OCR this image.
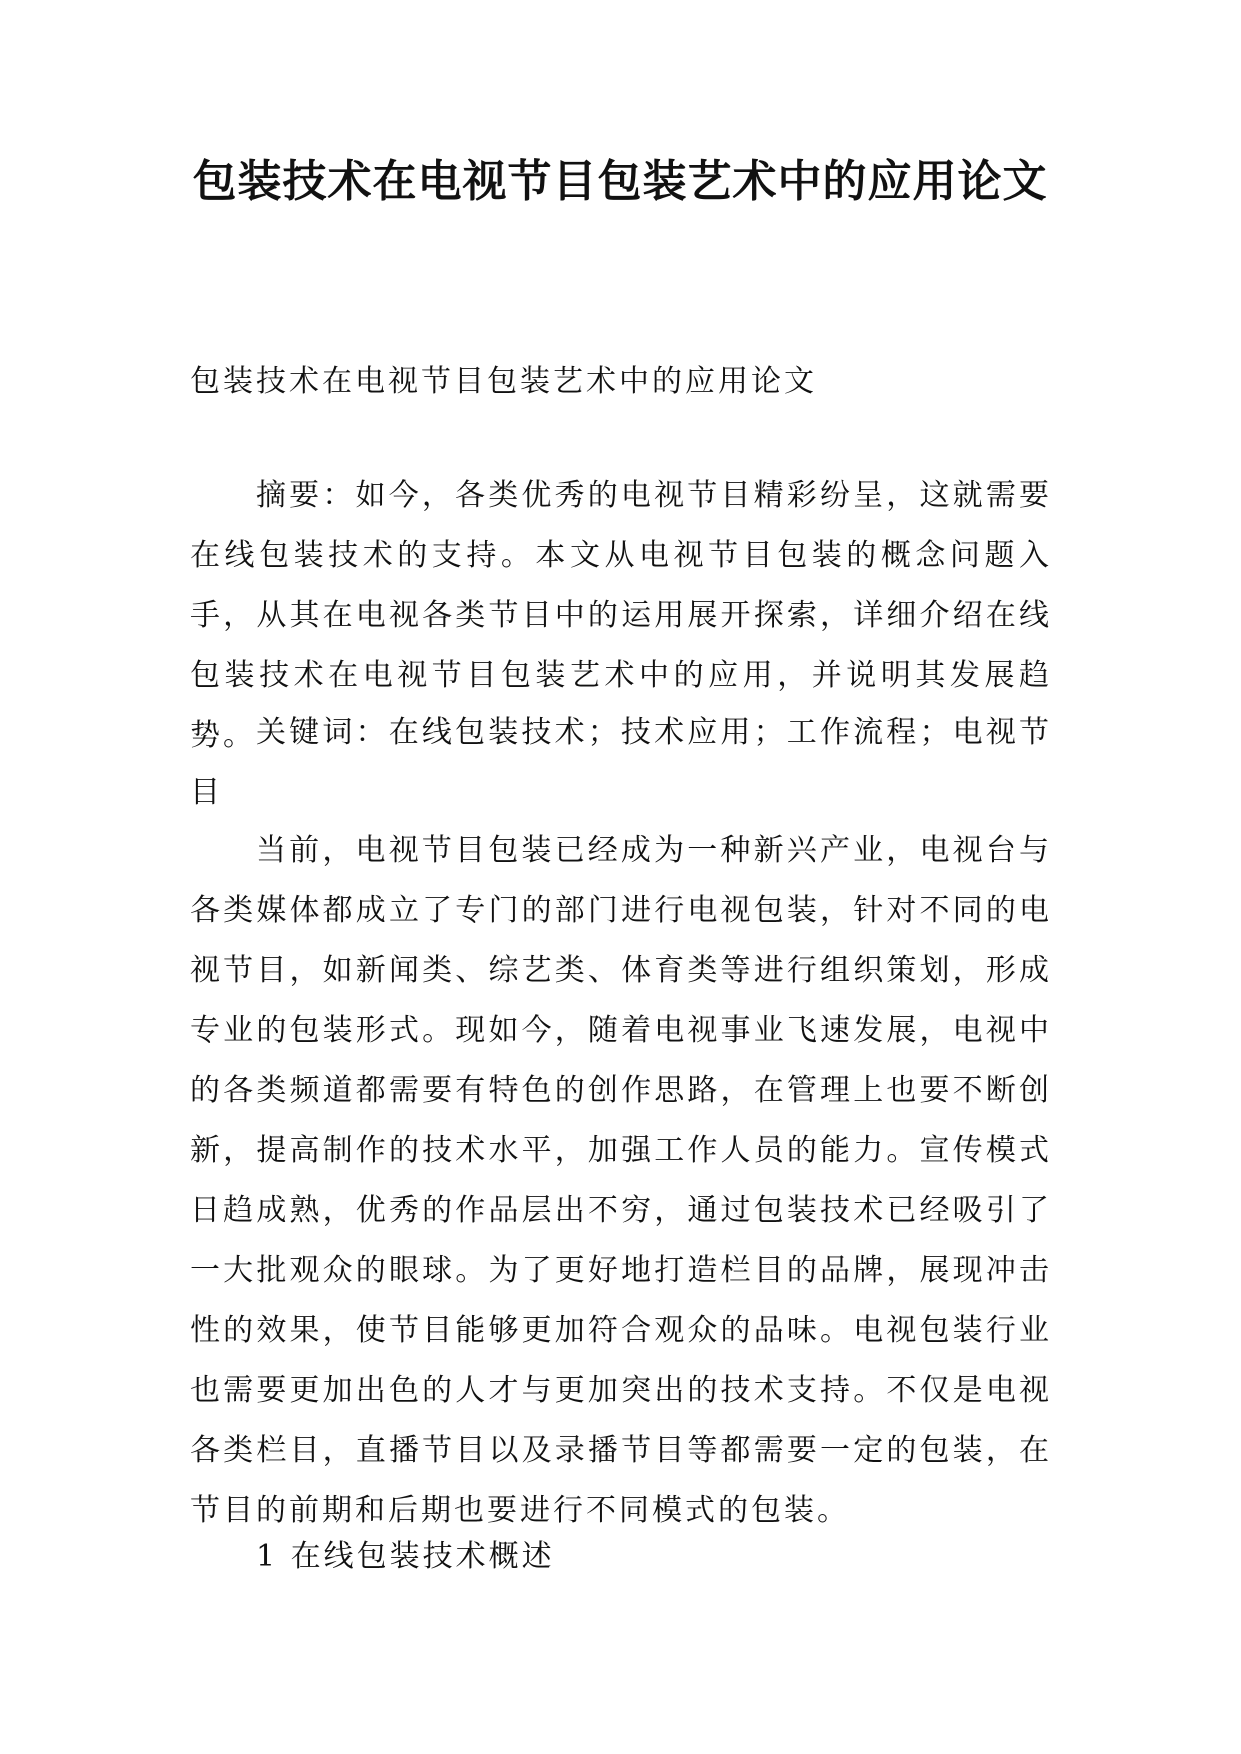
包装技术在电视节目包装艺术中的应用论文

包装技术在电视节目包装艺术中的应用论文

摘要：如今，各类优秀的电视节目精彩纷呈，这就需要在线包装技术的支持。本文从电视节目包装的概念问题入手，从其在电视各类节目中的运用展开探索，详细介绍在线包装技术在电视节目包装艺术中的应用，并说明其发展趋势。 关键词：在线包装技术；技术应用；工作流程；电视节目

当前，电视节目包装已经成为一种新兴产业，电视台与各类媒体都成立了专门的部门进行电视包装，针对不同的电视节目，如新闻类、综艺类、体育类等进行组织策划，形成专业的包装形式。现如今，随着电视事业飞速发展，电视中的各类频道都需要有特色的创作思路，在管理上也要不断创新，提高制作的技术水平，加强工作人员的能力。宣传模式日趋成熟，优秀的作品层出不穷，通过包装技术已经吸引了一大批观众的眼球。为了更好地打造栏目的品牌，展现冲击性的效果，使节目能够更加符合观众的品味。电视包装行业也需要更加出色的人才与更加突出的技术支持。不仅是电视各类栏目，直播节目以及录播节目等都需要一定的包装，在节目的前期和后期也要进行不同模式的包装。

1 在线包装技术概述
